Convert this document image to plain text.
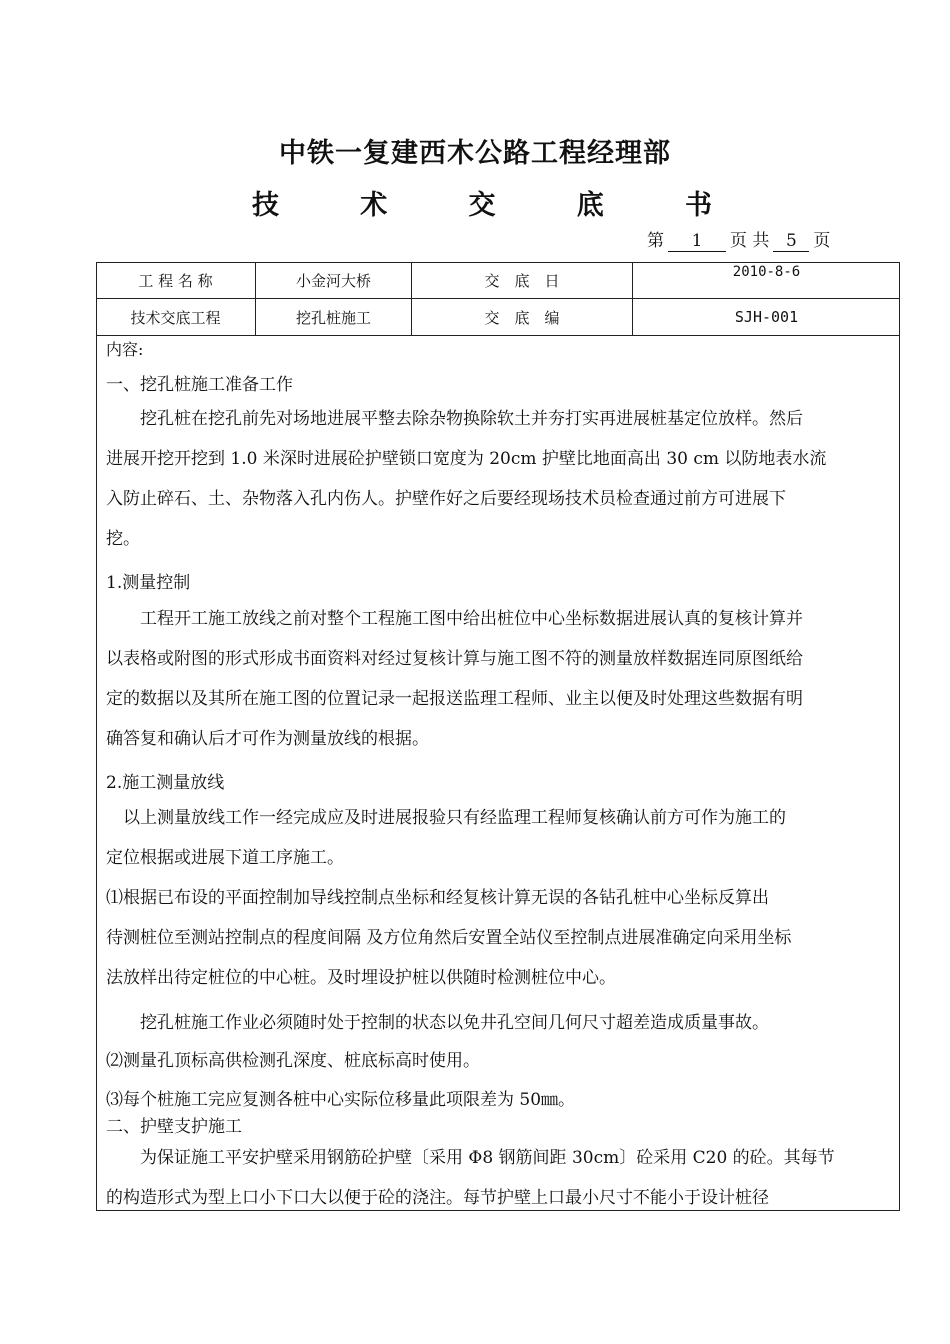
中铁一复建西木公路工程经理部
技	术	交	底	书
第 1 页 共 5 页
工 程 名 称	小金河大桥	交　底　日	2010-8-6
技术交底工程	挖孔桩施工	交　底　编	SJH-001
内容:
一、挖孔桩施工准备工作
　　挖孔桩在挖孔前先对场地进展平整去除杂物换除软土并夯打实再进展桩基定位放样。然后
进展开挖开挖到 1.0 米深时进展砼护壁锁口宽度为 20cm 护壁比地面高出 30 cm 以防地表水流
入防止碎石、土、杂物落入孔内伤人。护壁作好之后要经现场技术员检查通过前方可进展下
挖。
1.测量控制
　　工程开工施工放线之前对整个工程施工图中给出桩位中心坐标数据进展认真的复核计算并
以表格或附图的形式形成书面资料对经过复核计算与施工图不符的测量放样数据连同原图纸给
定的数据以及其所在施工图的位置记录一起报送监理工程师、业主以便及时处理这些数据有明
确答复和确认后才可作为测量放线的根据。
2.施工测量放线
　以上测量放线工作一经完成应及时进展报验只有经监理工程师复核确认前方可作为施工的
定位根据或进展下道工序施工。
⑴根据已布设的平面控制加导线控制点坐标和经复核计算无误的各钻孔桩中心坐标反算出
待测桩位至测站控制点的程度间隔 及方位角然后安置全站仪至控制点进展准确定向采用坐标
法放样出待定桩位的中心桩。及时埋设护桩以供随时检测桩位中心。
　　挖孔桩施工作业必须随时处于控制的状态以免井孔空间几何尺寸超差造成质量事故。
⑵测量孔顶标高供检测孔深度、桩底标高时使用。
⑶每个桩施工完应复测各桩中心实际位移量此项限差为 50㎜。
二、护壁支护施工
　　为保证施工平安护壁采用钢筋砼护壁〔采用 Φ8 钢筋间距 30cm〕砼采用 C20 的砼。其每节
的构造形式为型上口小下口大以便于砼的浇注。每节护壁上口最小尺寸不能小于设计桩径
